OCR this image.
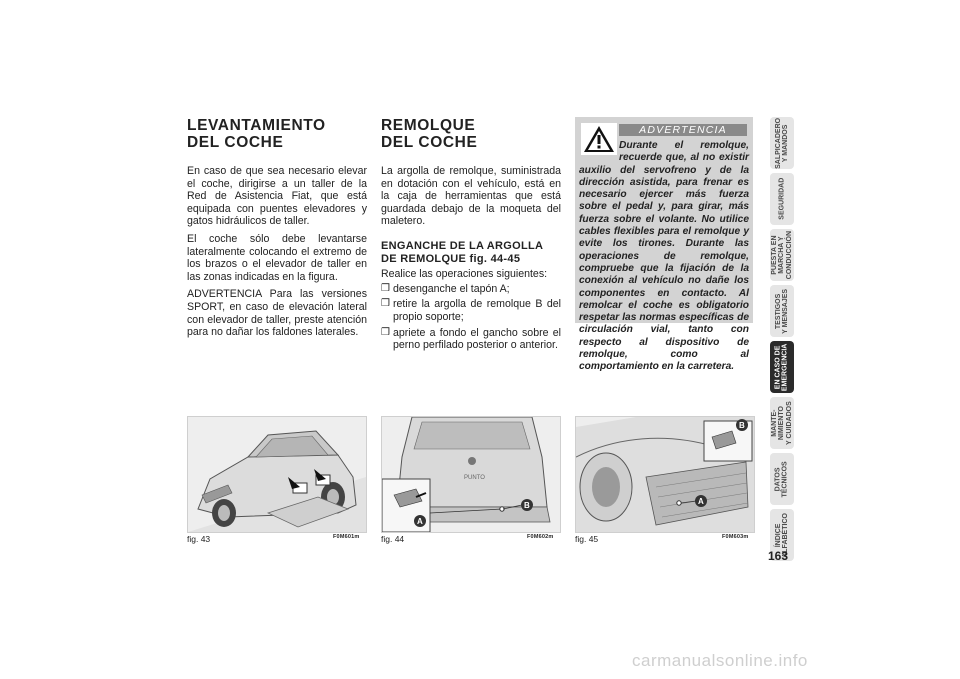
LEVANTAMIENTO
DEL COCHE

En caso de que sea necesario elevar el coche, dirigirse a un taller de la Red de Asistencia Fiat, que está equipada con puentes elevadores y gatos hidráulicos de taller.

El coche sólo debe levantarse lateralmente colocando el extremo de los brazos o el elevador de taller en las zonas indicadas en la figura.

ADVERTENCIA Para las versiones SPORT, en caso de elevación lateral con elevador de taller, preste atención para no dañar los faldones laterales.

REMOLQUE
DEL COCHE

La argolla de remolque, suministrada en dotación con el vehículo, está en la caja de herramientas que está guardada debajo de la moqueta del maletero.

ENGANCHE DE LA ARGOLLA
DE REMOLQUE fig. 44-45

Realice las operaciones siguientes:

❒ desenganche el tapón A;
❒ retire la argolla de remolque B del propio soporte;
❒ apriete a fondo el gancho sobre el perno perfilado posterior o anterior.
ADVERTENCIA
Durante el remolque, recuerde que, al no existir auxilio del servofreno y de la dirección asistida, para frenar es necesario ejercer más fuerza sobre el pedal y, para girar, más fuerza sobre el volante. No utilice cables flexibles para el remolque y evite los tirones. Durante las operaciones de remolque, compruebe que la fijación de la conexión al vehículo no dañe los componentes en contacto. Al remolcar el coche es obligatorio respetar las normas específicas de circulación vial, tanto con respecto al dispositivo de remolque, como al comportamiento en la carretera.
fig. 43	F0M601m
PUNTO
B
A
fig. 44	F0M602m
A
B
fig. 45	F0M603m
SALPICADERO
Y MANDOS
SEGURIDAD
PUESTA EN
MARCHA Y
CONDUCCIÓN
TESTIGOS
Y MENSAJES
EN CASO DE
EMERGENCIA
MANTE-
NIMIENTO
Y CUIDADOS
DATOS
TÉCNICOS
ÍNDICE
ALFABÉTICO
163
carmanualsonline.info
